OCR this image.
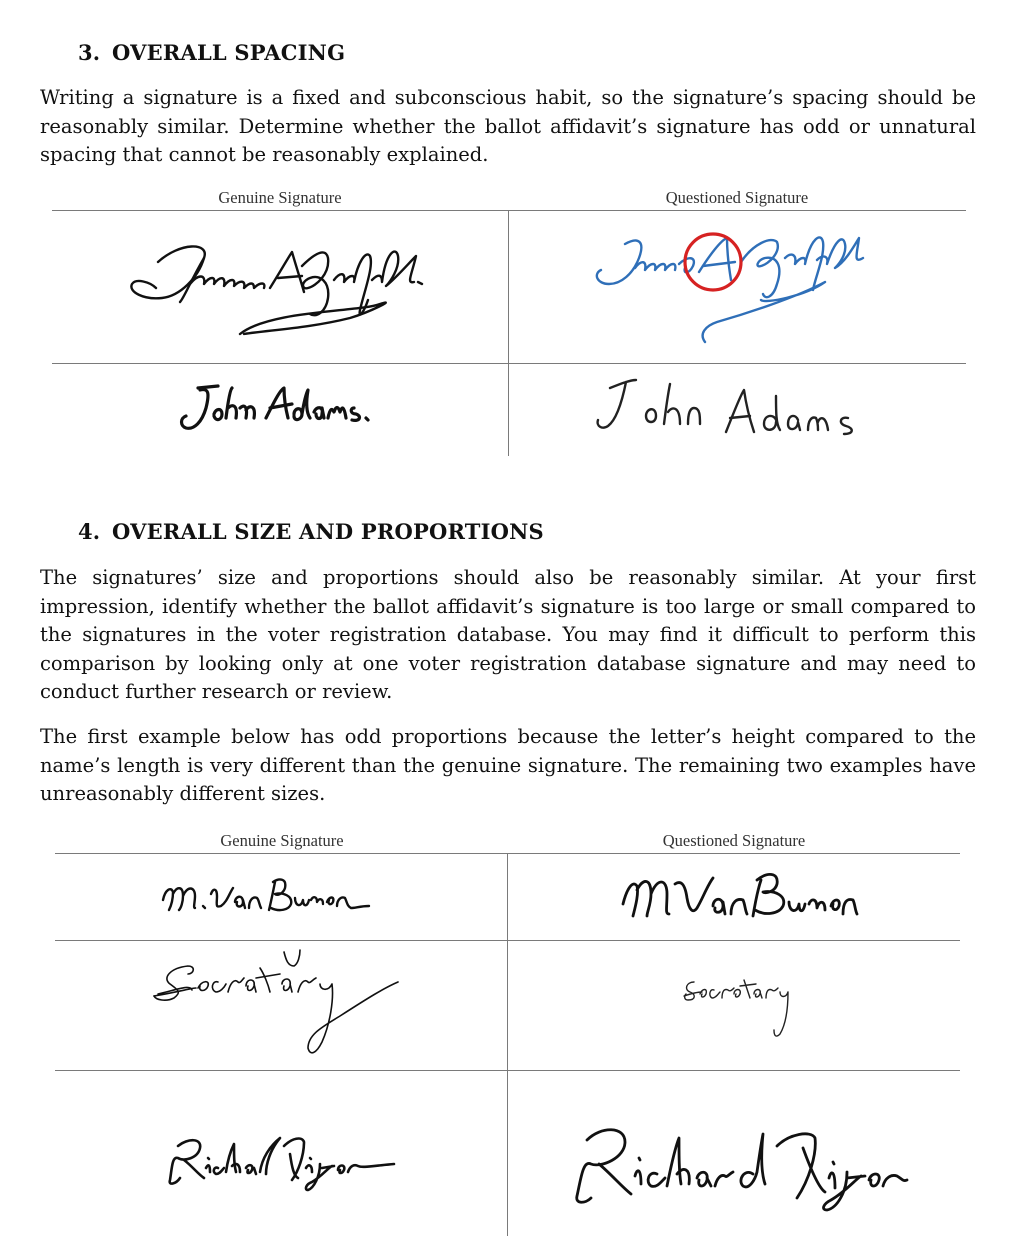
3. OVERALL SPACING

Writing a signature is a fixed and subconscious habit, so the signature’s spacing should be reasonably similar. Determine whether the ballot affidavit’s signature has odd or unnatural spacing that cannot be reasonably explained.

Genuine Signature	Questioned Signature
4. OVERALL SIZE AND PROPORTIONS

The signatures’ size and proportions should also be reasonably similar. At your first impression, identify whether the ballot affidavit’s signature is too large or small compared to the signatures in the voter registration database. You may find it difficult to perform this comparison by looking only at one voter registration database signature and may need to conduct further research or review.

The first example below has odd proportions because the letter’s height compared to the name’s length is very different than the genuine signature. The remaining two examples have unreasonably different sizes.

Genuine Signature	Questioned Signature
